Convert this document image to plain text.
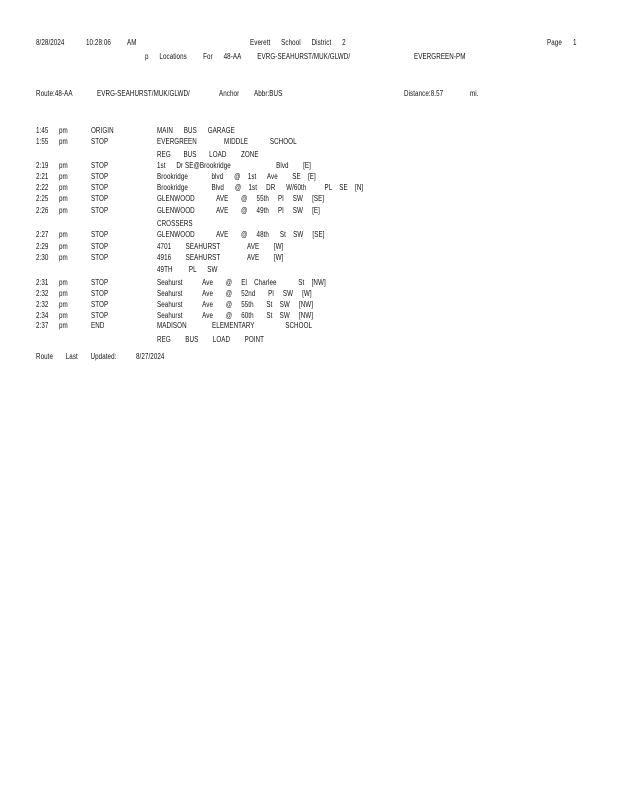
8/28/2024	10:28:06 AM	Everett      School      District      2	Page 1
p      Locations         For      48-AA         EVRG-SEAHURST/MUK/GLWD/	EVERGREEN-PM
Route:48-AA	EVRG-SEAHURST/MUK/GLWD/	Anchor Abbr:BUS	Distance:8.57	mi.
1:45 pm	ORIGIN	MAIN      BUS      GARAGE
1:55 pm	STOP	EVERGREEN               MIDDLE            SCHOOL
REG       BUS       LOAD        ZONE
2:19 pm	STOP	1st      Dr SE@Brookridge                         Blvd        [E]
2:21 pm	STOP	Brookridge             blvd      @    1st      Ave        SE    [E]
2:22 pm	STOP	Brookridge             Blvd      @    1st     DR      W/60th          PL    SE    [N]
2:25 pm	STOP	GLENWOOD            AVE       @     55th     Pl     SW     [SE]
2:26 pm	STOP	GLENWOOD            AVE       @     49th     Pl     SW     [E]
CROSSERS
2:27 pm	STOP	GLENWOOD            AVE       @     48th      St    SW     [SE]
2:29 pm	STOP	4701        SEAHURST               AVE        [W]
2:30 pm	STOP	4916        SEAHURST               AVE        [W]
49TH         PL      SW
2:31 pm	STOP	Seahurst           Ave       @     El    Charlee            St    [NW]
2:32 pm	STOP	Seahurst           Ave       @     52nd       Pl     SW     [W]
2:32 pm	STOP	Seahurst           Ave       @     55th       St    SW     [NW]
2:34 pm	STOP	Seahurst           Ave       @     60th       St    SW     [NW]
2:37 pm	END	MADISON              ELEMENTARY                 SCHOOL
REG        BUS        LOAD        POINT
Route       Last       Updated: 8/27/2024
